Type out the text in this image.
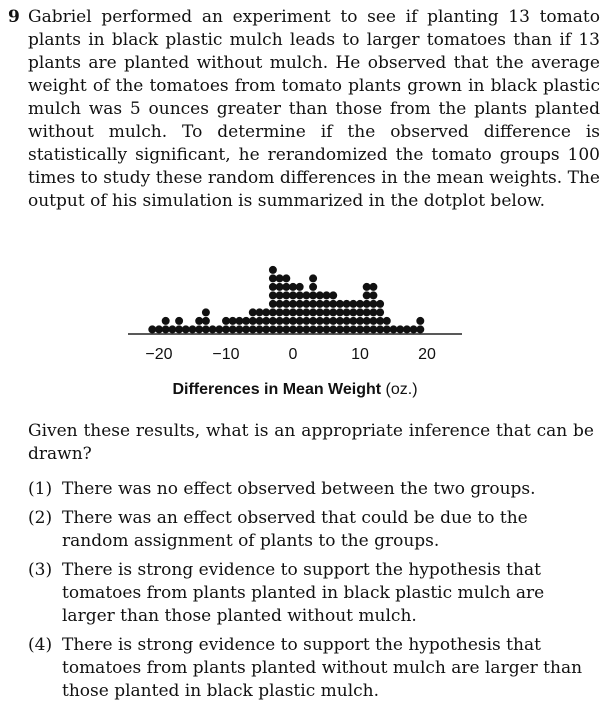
9 Gabriel performed an experiment to see if planting 13 tomato plants in black plastic mulch leads to larger tomatoes than if 13 plants are planted without mulch. He observed that the average weight of the tomatoes from tomato plants grown in black plastic mulch was 5 ounces greater than those from the plants planted without mulch. To determine if the observed difference is statistically significant, he rerandomized the tomato groups 100 times to study these random differences in the mean weights. The output of his simulation is summarized in the dotplot below.
−20 −10	0	10	20
Differences in Mean Weight (oz.)
Given these results, what is an appropriate inference that can be drawn?
(1) There was no effect observed between the two groups.
(2) There was an effect observed that could be due to the random assignment of plants to the groups.
(3) There is strong evidence to support the hypothesis that tomatoes from plants planted in black plastic mulch are larger than those planted without mulch.
(4) There is strong evidence to support the hypothesis that tomatoes from plants planted without mulch are larger than those planted in black plastic mulch.
